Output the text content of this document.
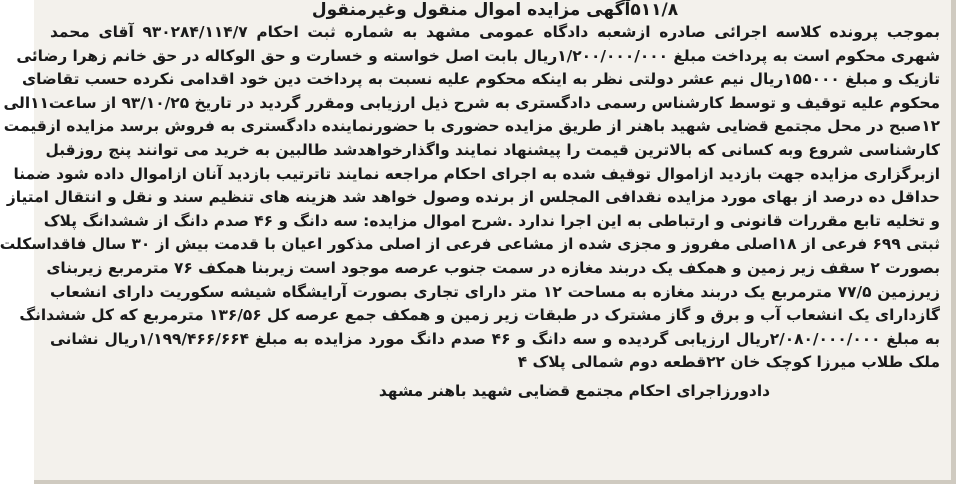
۵۱۱/۸آگهی مزایده اموال منقول وغیرمنقول
بموجب پرونده کلاسه اجرائی صادره ازشعبه دادگاه عمومی مشهد به شماره ثبت احکام ۹۳۰۲۸۴/۱۱۴/۷ آقای محمد
شهری محکوم است به پرداخت مبلغ ۱/۲۰۰/۰۰۰/۰۰۰ریال بابت اصل خواسته و خسارت و حق الوکاله در حق خانم زهرا رضائی
تازیک و مبلغ ۱۵۵۰۰۰ریال نیم عشر دولتی نظر به اینکه محکوم علیه نسبت به پرداخت دین خود اقدامی نکرده حسب تقاضای
محکوم علیه توقیف و توسط کارشناس رسمی دادگستری به شرح ذیل ارزیابی ومقرر گردید در تاریخ ۹۳/۱۰/۲۵ از ساعت۱۱الی
۱۲صبح در محل مجتمع قضایی شهید باهنر از طریق مزایده حضوری با حضورنماینده دادگستری به فروش برسد مزایده ازقیمت
کارشناسی شروع وبه کسانی که بالاترین قیمت را پیشنهاد نمایند واگذارخواهدشد طالبین به خرید می توانند پنج روزقبل
ازبرگزاری مزایده جهت بازدید ازاموال توقیف شده به اجرای احکام مراجعه نمایند تاترتیب بازدید آنان ازاموال داده شود ضمنا
حداقل ده درصد از بهای مورد مزایده نقدافی المجلس از برنده وصول خواهد شد هزینه های تنظیم سند و نقل و انتقال امتیاز
و تخلیه تابع مقررات قانونی و ارتباطی به این اجرا ندارد .شرح اموال مزایده: سه دانگ و ۴۶ صدم دانگ از ششدانگ پلاک
ثبتی ۶۹۹ فرعی از ۱۸اصلی مفروز و مجزی شده از مشاعی فرعی از اصلی مذکور اعیان با قدمت بیش از ۳۰ سال فاقداسکلت
بصورت ۲ سقف زیر زمین و همکف یک دربند مغازه در سمت جنوب عرصه موجود است زیربنا همکف ۷۶ مترمربع زیربنای
زیرزمین ۷۷/۵ مترمربع یک دربند مغازه به مساحت ۱۲ متر دارای تجاری بصورت آرایشگاه شیشه سکوریت دارای انشعاب
گازدارای یک انشعاب آب و برق و گاز مشترک در طبقات زیر زمین و همکف جمع عرصه کل ۱۳۶/۵۶ مترمربع که کل ششدانگ
به مبلغ ۲/۰۸۰/۰۰۰/۰۰۰ریال ارزیابی گردیده و سه دانگ و ۴۶ صدم دانگ مورد مزایده به مبلغ ۱/۱۹۹/۴۶۶/۶۶۴ریال نشانی
ملک طلاب میرزا کوچک خان ۲۲قطعه دوم شمالی پلاک ۴
دادورزاجرای احکام مجتمع قضایی شهید باهنر مشهد
